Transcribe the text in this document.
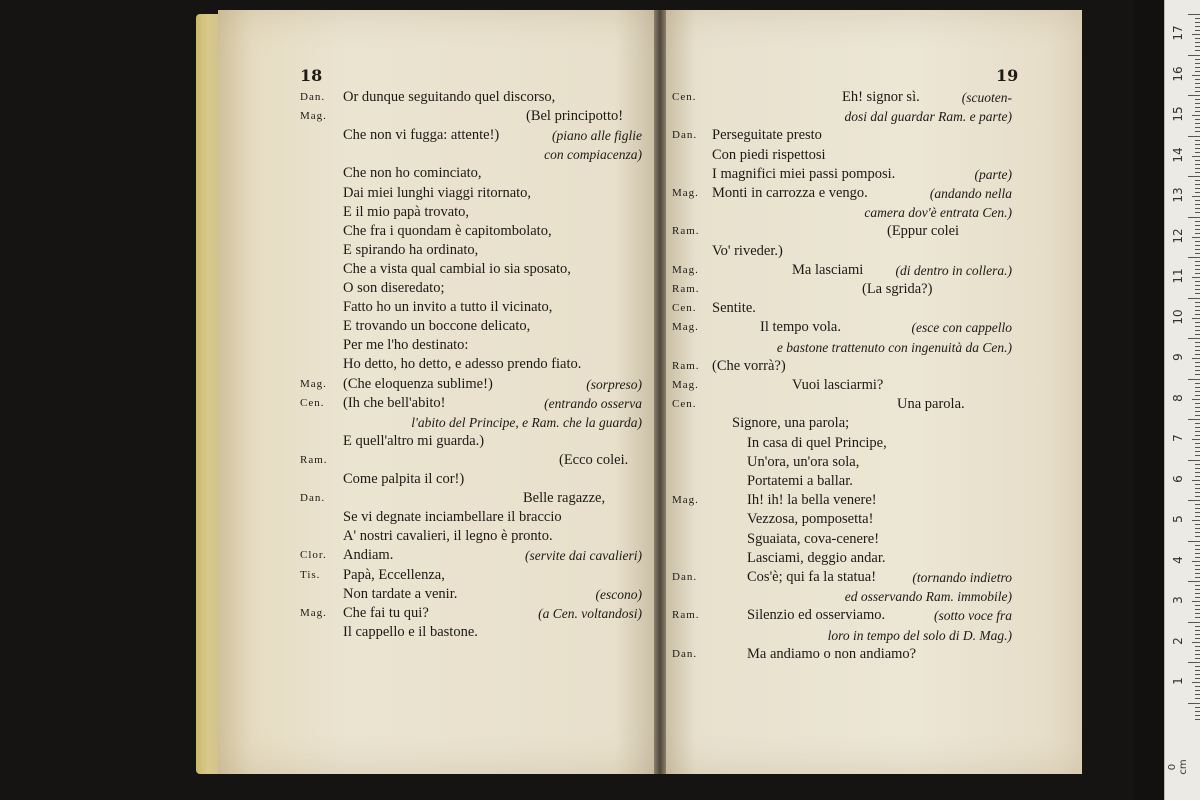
18	19
Dan. Or dunque seguitando quel discorso,
Mag.	(Bel principotto!
Che non vi fugga: attente!)	(piano alle figlie
con compiacenza)
Che non ho cominciato,
Dai miei lunghi viaggi ritornato,
E il mio papà trovato,
Che fra i quondam è capitombolato,
E spirando ha ordinato,
Che a vista qual cambial io sia sposato,
O son diseredato;
Fatto ho un invito a tutto il vicinato,
E trovando un boccone delicato,
Per me l'ho destinato:
Ho detto, ho detto, e adesso prendo fiato.
Mag. (Che eloquenza sublime!)	(sorpreso)
Cen. (Ih che bell'abito!	(entrando osserva
l'abito del Principe, e Ram. che la guarda)
E quell'altro mi guarda.)
Ram.	(Ecco colei.
Come palpita il cor!)
Dan.	Belle ragazze,
Se vi degnate inciambellare il braccio
A' nostri cavalieri, il legno è pronto.
Clor. Andiam.	(servite dai cavalieri)
Tis. Papà, Eccellenza,
Non tardate a venir.	(escono)
Mag. Che fai tu qui?	(a Cen. voltandosi)
Il cappello e il bastone.
Cen.	Eh! signor sì.	(scuoten-
dosi dal guardar Ram. e parte)
Dan. Perseguitate presto
Con piedi rispettosi
I magnifici miei passi pomposi.	(parte)
Mag. Monti in carrozza e vengo.	(andando nella
camera dov'è entrata Cen.)
Ram.	(Eppur colei
Vo' riveder.)
Mag.	Ma lasciami (di dentro in collera.)
Ram.	(La sgrida?)
Cen. Sentite.
Mag.	Il tempo vola.	(esce con cappello
e bastone trattenuto con ingenuità da Cen.)
Ram. (Che vorrà?)
Mag.	Vuoi lasciarmi?
Cen.	Una parola.
Signore, una parola;
In casa di quel Principe,
Un'ora, un'ora sola,
Portatemi a ballar.
Mag.	Ih! ih! la bella venere!
Vezzosa, pomposetta!
Sguaiata, cova-cenere!
Lasciami, deggio andar.
Dan.	Cos'è; qui fa la statua!	(tornando indietro
ed osservando Ram. immobile)
Ram.	Silenzio ed osserviamo.	(sotto voce fra
loro in tempo del solo di D. Mag.)
Dan.	Ma andiamo o non andiamo?
0 cm
17
16
15
14
13
12
11
10
9
8
7
6
5
4
3
2
1
